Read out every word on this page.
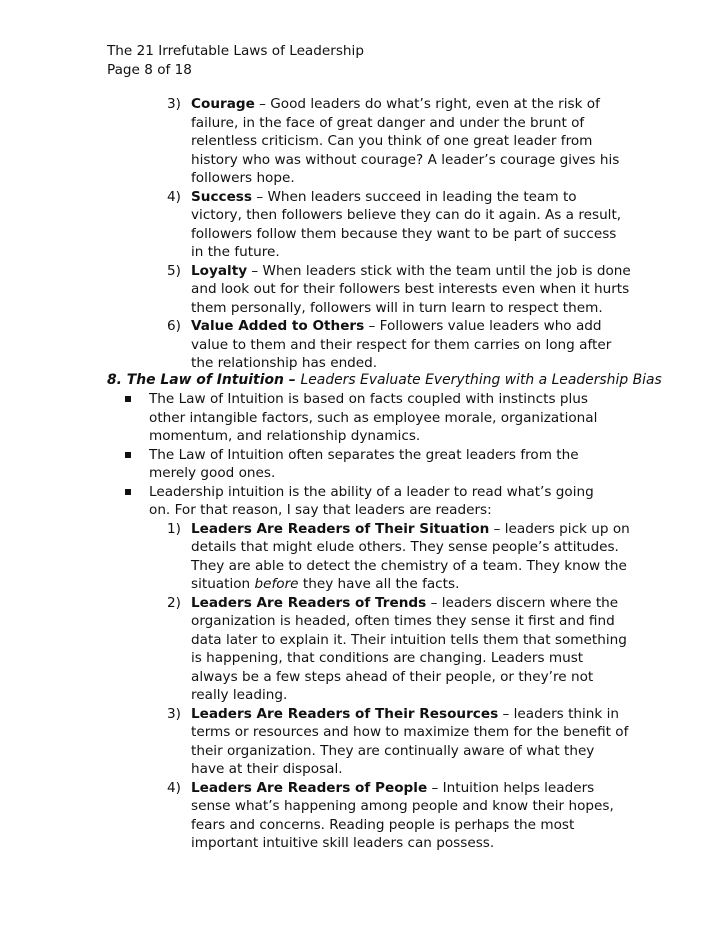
The 21 Irrefutable Laws of Leadership
Page 8 of 18
3) Courage – Good leaders do what’s right, even at the risk of failure, in the face of great danger and under the brunt of relentless criticism. Can you think of one great leader from history who was without courage? A leader’s courage gives his followers hope.
4) Success – When leaders succeed in leading the team to victory, then followers believe they can do it again. As a result, followers follow them because they want to be part of success in the future.
5) Loyalty – When leaders stick with the team until the job is done and look out for their followers best interests even when it hurts them personally, followers will in turn learn to respect them.
6) Value Added to Others – Followers value leaders who add value to them and their respect for them carries on long after the relationship has ended.
8. The Law of Intuition – Leaders Evaluate Everything with a Leadership Bias
The Law of Intuition is based on facts coupled with instincts plus other intangible factors, such as employee morale, organizational momentum, and relationship dynamics.
The Law of Intuition often separates the great leaders from the merely good ones.
Leadership intuition is the ability of a leader to read what’s going on. For that reason, I say that leaders are readers:
1) Leaders Are Readers of Their Situation – leaders pick up on details that might elude others. They sense people’s attitudes. They are able to detect the chemistry of a team. They know the situation before they have all the facts.
2) Leaders Are Readers of Trends – leaders discern where the organization is headed, often times they sense it first and find data later to explain it. Their intuition tells them that something is happening, that conditions are changing. Leaders must always be a few steps ahead of their people, or they’re not really leading.
3) Leaders Are Readers of Their Resources – leaders think in terms or resources and how to maximize them for the benefit of their organization. They are continually aware of what they have at their disposal.
4) Leaders Are Readers of People – Intuition helps leaders sense what’s happening among people and know their hopes, fears and concerns. Reading people is perhaps the most important intuitive skill leaders can possess.
